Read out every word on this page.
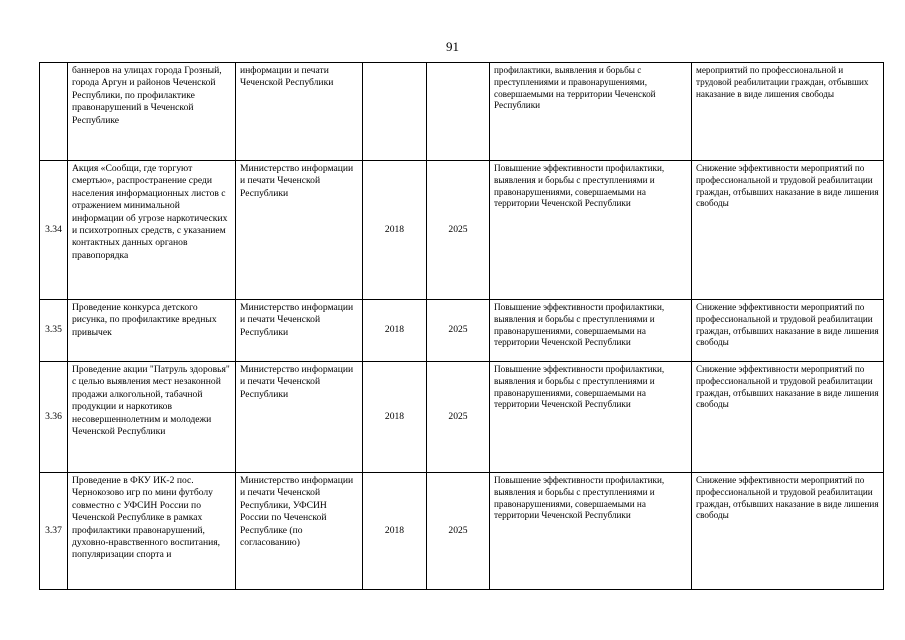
91
	баннеров на улицах города Грозный, города Аргун и районов Чеченской Республики, по профилактике правонарушений в Чеченской Республике	информации и печати Чеченской Республики			профилактики, выявления и борьбы с преступлениями и правонарушениями, совершаемыми на территории Чеченской Республики	мероприятий по профессиональной и трудовой реабилитации граждан, отбывших наказание в виде лишения свободы
3.34	Акция «Сообщи, где торгуют смертью», распространение среди населения информационных листов с отражением минимальной информации об угрозе наркотических и психотропных средств, с указанием контактных данных органов правопорядка	Министерство информации и печати Чеченской Республики	2018	2025	Повышение эффективности профилактики, выявления и борьбы с преступлениями и правонарушениями, совершаемыми на территории Чеченской Республики	Снижение эффективности мероприятий по профессиональной и трудовой реабилитации граждан, отбывших наказание в виде лишения свободы
3.35	Проведение конкурса детского рисунка, по профилактике вредных привычек	Министерство информации и печати Чеченской Республики	2018	2025	Повышение эффективности профилактики, выявления и борьбы с преступлениями и правонарушениями, совершаемыми на территории Чеченской Республики	Снижение эффективности мероприятий по профессиональной и трудовой реабилитации граждан, отбывших наказание в виде лишения свободы
3.36	Проведение акции "Патруль здоровья" с целью выявления мест незаконной продажи алкогольной, табачной продукции и наркотиков несовершеннолетним и молодежи Чеченской Республики	Министерство информации и печати Чеченской Республики	2018	2025	Повышение эффективности профилактики, выявления и борьбы с преступлениями и правонарушениями, совершаемыми на территории Чеченской Республики	Снижение эффективности мероприятий по профессиональной и трудовой реабилитации граждан, отбывших наказание в виде лишения свободы
3.37	Проведение в ФКУ ИК-2 пос. Чернокозово игр по мини футболу совместно с УФСИН России по Чеченской Республике в рамках профилактики правонарушений, духовно-нравственного воспитания, популяризации спорта и	Министерство информации и печати Чеченской Республики, УФСИН России по Чеченской Республике (по согласованию)	2018	2025	Повышение эффективности профилактики, выявления и борьбы с преступлениями и правонарушениями, совершаемыми на территории Чеченской Республики	Снижение эффективности мероприятий по профессиональной и трудовой реабилитации граждан, отбывших наказание в виде лишения свободы
